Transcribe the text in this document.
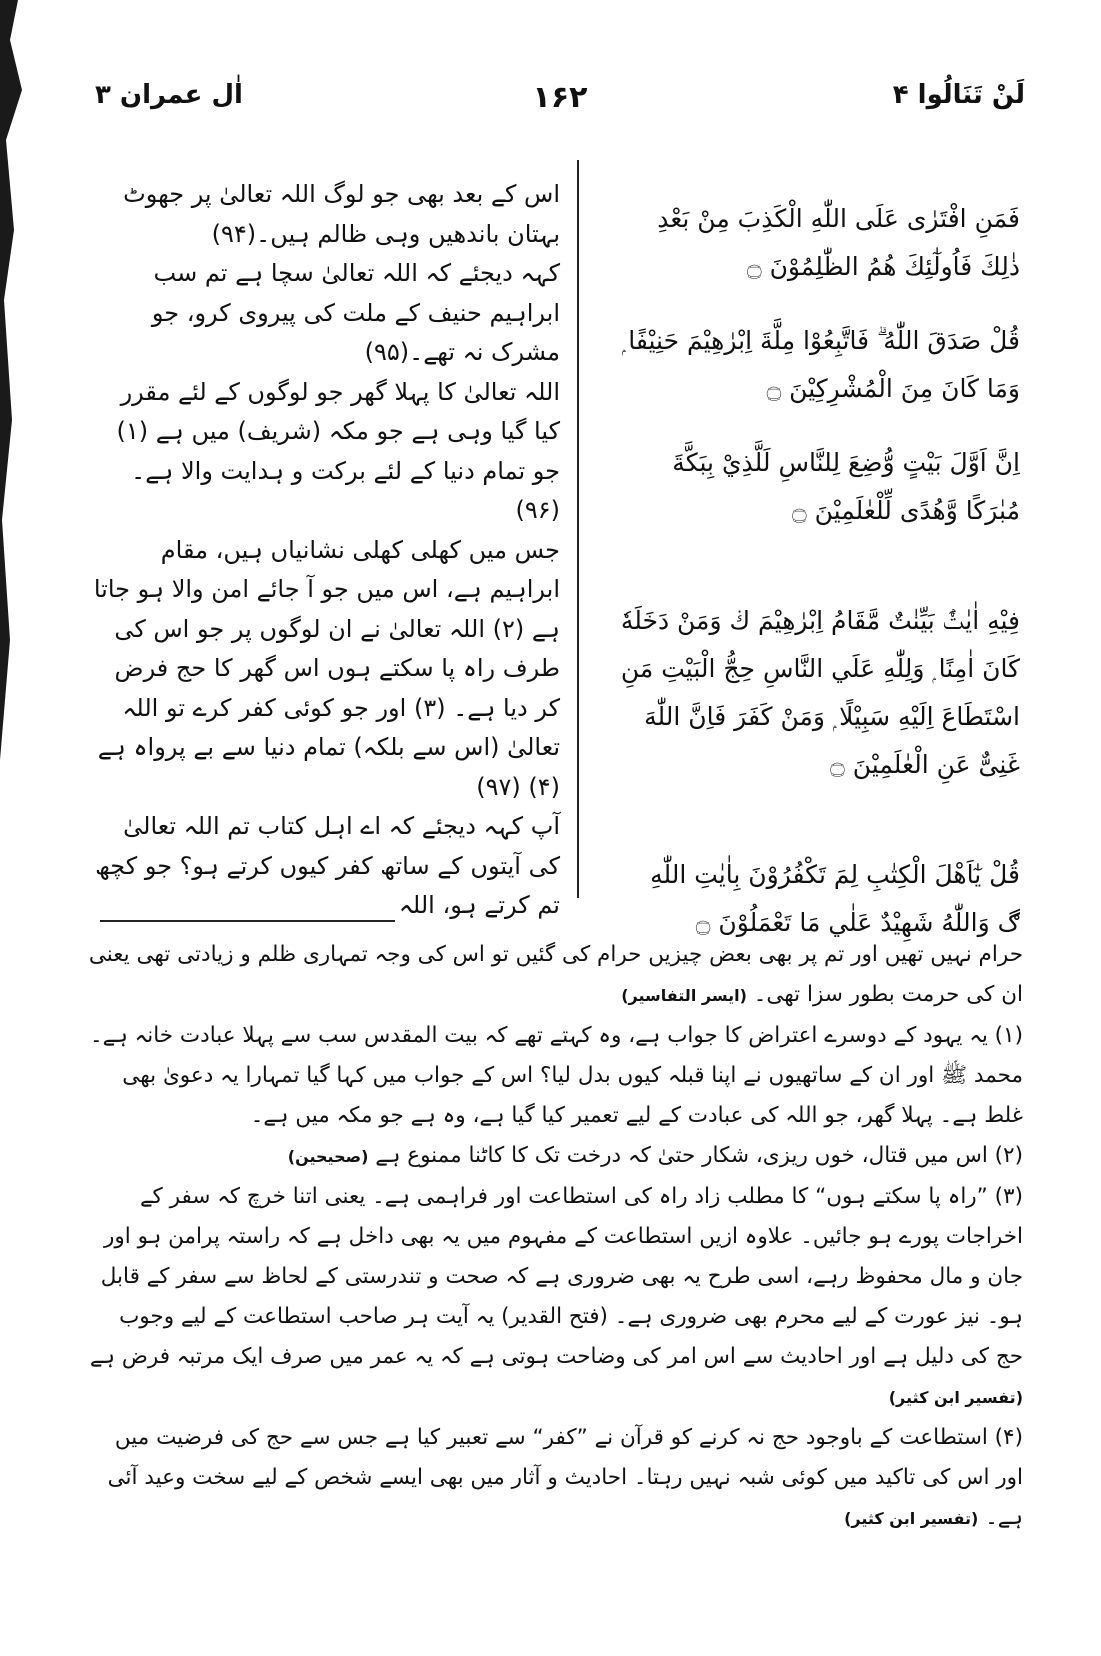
اٰل عمران ۳	۱۶۲	لَنْ تَنَالُوا ۴

اس کے بعد بھی جو لوگ اللہ تعالیٰ پر جھوٹ بہتان باندھیں وہی ظالم ہیں۔(۹۴)

کہہ دیجئے کہ اللہ تعالیٰ سچا ہے تم سب ابراہیم حنیف کے ملت کی پیروی کرو، جو مشرک نہ تھے۔(۹۵)

اللہ تعالیٰ کا پہلا گھر جو لوگوں کے لئے مقرر کیا گیا وہی ہے جو مکہ (شریف) میں ہے (۱) جو تمام دنیا کے لئے برکت و ہدایت والا ہے۔(۹۶)

جس میں کھلی کھلی نشانیاں ہیں، مقام ابراہیم ہے، اس میں جو آ جائے امن والا ہو جاتا ہے (۲) اللہ تعالیٰ نے ان لوگوں پر جو اس کی طرف راہ پا سکتے ہوں اس گھر کا حج فرض کر دیا ہے۔ (۳) اور جو کوئی کفر کرے تو اللہ تعالیٰ (اس سے بلکہ) تمام دنیا سے بے پرواہ ہے (۴) (۹۷)

آپ کہہ دیجئے کہ اے اہل کتاب تم اللہ تعالیٰ کی آیتوں کے ساتھ کفر کیوں کرتے ہو؟ جو کچھ تم کرتے ہو، اللہ

فَمَنِ افْتَرٰى عَلَى اللّٰهِ الْكَذِبَ مِنْ بَعْدِ ذٰلِكَ فَاُولٰٓئِكَ هُمُ الظّٰلِمُوْنَ ۝

قُلْ صَدَقَ اللّٰهُ ۗ فَاتَّبِعُوْا مِلَّةَ اِبْرٰهِيْمَ حَنِيْفًا ۭ وَمَا كَانَ مِنَ الْمُشْرِكِيْنَ ۝

اِنَّ اَوَّلَ بَيْتٍ وُّضِعَ لِلنَّاسِ لَلَّذِيْ بِبَكَّةَ مُبٰرَكًا وَّھُدًى لِّلْعٰلَمِيْنَ ۝

فِيْهِ اٰيٰتٌۢ بَيِّنٰتٌ مَّقَامُ اِبْرٰهِيْمَ ڬ وَمَنْ دَخَلَهٗ كَانَ اٰمِنًا ۭ وَلِلّٰهِ عَلَي النَّاسِ حِجُّ الْبَيْتِ مَنِ اسْتَطَاعَ اِلَيْهِ سَبِيْلًا ۭ وَمَنْ كَفَرَ فَاِنَّ اللّٰهَ غَنِىٌّ عَنِ الْعٰلَمِيْنَ ۝

قُلْ يٰٓاَھْلَ الْكِتٰبِ لِمَ تَكْفُرُوْنَ بِاٰيٰتِ اللّٰهِ ڰ وَاللّٰهُ شَهِيْدٌ عَلٰي مَا تَعْمَلُوْنَ ۝

حرام نہیں تھیں اور تم پر بھی بعض چیزیں حرام کی گئیں تو اس کی وجہ تمہاری ظلم و زیادتی تھی یعنی ان کی حرمت بطور سزا تھی۔ (ایسر التفاسیر)

(۱) یہ یہود کے دوسرے اعتراض کا جواب ہے، وہ کہتے تھے کہ بیت المقدس سب سے پہلا عبادت خانہ ہے۔ محمد ﷺ اور ان کے ساتھیوں نے اپنا قبلہ کیوں بدل لیا؟ اس کے جواب میں کہا گیا تمہارا یہ دعویٰ بھی غلط ہے۔ پہلا گھر، جو اللہ کی عبادت کے لیے تعمیر کیا گیا ہے، وہ ہے جو مکہ میں ہے۔

(۲) اس میں قتال، خوں ریزی، شکار حتیٰ کہ درخت تک کا کاٹنا ممنوع ہے (صحیحین)

(۳) ”راہ پا سکتے ہوں“ کا مطلب زاد راہ کی استطاعت اور فراہمی ہے۔ یعنی اتنا خرچ کہ سفر کے اخراجات پورے ہو جائیں۔ علاوہ ازیں استطاعت کے مفہوم میں یہ بھی داخل ہے کہ راستہ پرامن ہو اور جان و مال محفوظ رہے، اسی طرح یہ بھی ضروری ہے کہ صحت و تندرستی کے لحاظ سے سفر کے قابل ہو۔ نیز عورت کے لیے محرم بھی ضروری ہے۔ (فتح القدیر) یہ آیت ہر صاحب استطاعت کے لیے وجوب حج کی دلیل ہے اور احادیث سے اس امر کی وضاحت ہوتی ہے کہ یہ عمر میں صرف ایک مرتبہ فرض ہے (تفسیر ابن کثیر)

(۴) استطاعت کے باوجود حج نہ کرنے کو قرآن نے ”کفر“ سے تعبیر کیا ہے جس سے حج کی فرضیت میں اور اس کی تاکید میں کوئی شبہ نہیں رہتا۔ احادیث و آثار میں بھی ایسے شخص کے لیے سخت وعید آئی ہے۔ (تفسیر ابن کثیر)
